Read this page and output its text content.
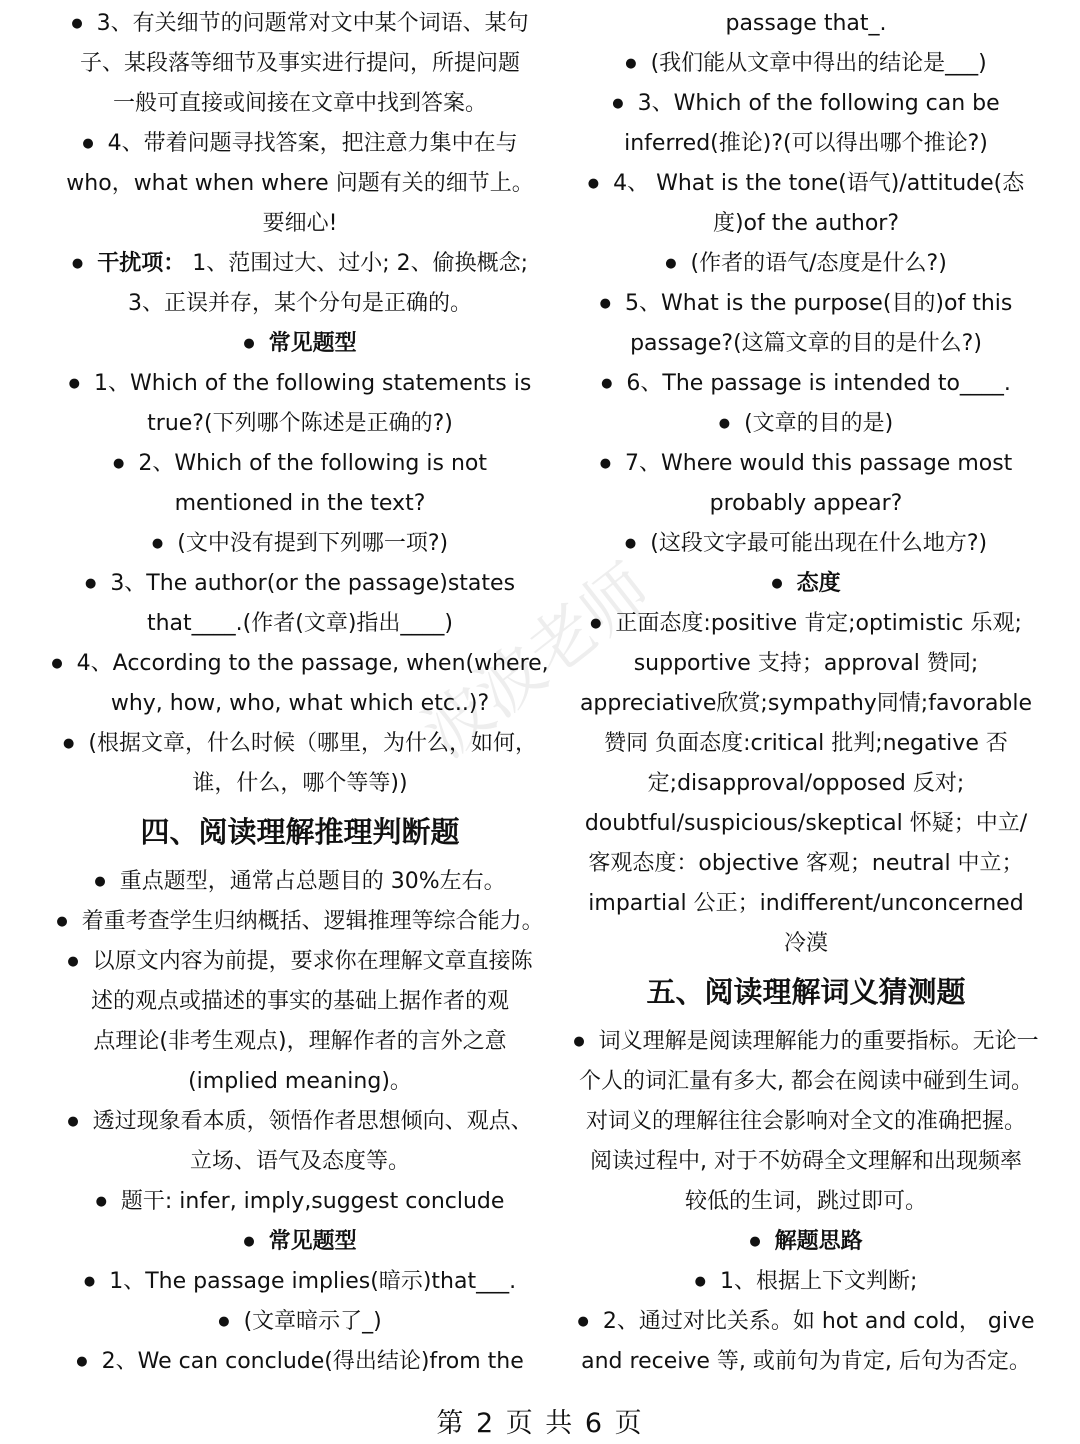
波波老师
● 3、有关细节的问题常对文中某个词语、某句
子、某段落等细节及事实进行提问，所提问题
一般可直接或间接在文章中找到答案。
● 4、带着问题寻找答案，把注意力集中在与
who，what when where 问题有关的细节上。
要细心!
● 干扰项： 1、范围过大、过小; 2、偷换概念;
3、正误并存，某个分句是正确的。
● 常见题型
● 1、Which of the following statements is
true?(下列哪个陈述是正确的?)
● 2、Which of the following is not
mentioned in the text?
● (文中没有提到下列哪一项?)
● 3、The author(or the passage)states
that____.(作者(文章)指出____)
● 4、According to the passage, when(where,
why, how, who, what which etc..)?
● (根据文章，什么时候（哪里，为什么，如何，
谁，什么，哪个等等))
四、阅读理解推理判断题
● 重点题型，通常占总题目的 30%左右。
● 着重考查学生归纳概括、逻辑推理等综合能力。
● 以原文内容为前提，要求你在理解文章直接陈
述的观点或描述的事实的基础上据作者的观
点理论(非考生观点)，理解作者的言外之意
(implied meaning)。
● 透过现象看本质，领悟作者思想倾向、观点、
立场、语气及态度等。
● 题干: infer, imply,suggest conclude
● 常见题型
● 1、The passage implies(暗示)that___.
● (文章暗示了_)
● 2、We can conclude(得出结论)from the
passage that_.
● (我们能从文章中得出的结论是___)
● 3、Which of the following can be
inferred(推论)?(可以得出哪个推论?)
● 4、 What is the tone(语气)/attitude(态
度)of the author?
● (作者的语气/态度是什么?)
● 5、What is the purpose(目的)of this
passage?(这篇文章的目的是什么?)
● 6、The passage is intended to____.
● (文章的目的是)
● 7、Where would this passage most
probably appear?
● (这段文字最可能出现在什么地方?)
● 态度
● 正面态度:positive 肯定;optimistic 乐观;
supportive 支持；approval 赞同;
appreciative欣赏;sympathy同情;favorable
赞同 负面态度:critical 批判;negative 否
定;disapproval/opposed 反对;
doubtful/suspicious/skeptical 怀疑；中立/
客观态度：objective 客观；neutral 中立；
impartial 公正；indifferent/unconcerned
冷漠
五、阅读理解词义猜测题
● 词义理解是阅读理解能力的重要指标。无论一
个人的词汇量有多大, 都会在阅读中碰到生词。
对词义的理解往往会影响对全文的准确把握。
阅读过程中, 对于不妨碍全文理解和出现频率
较低的生词，跳过即可。
● 解题思路
● 1、根据上下文判断;
● 2、通过对比关系。如 hot and cold， give
and receive 等, 或前句为肯定, 后句为否定。
第 2 页 共 6 页
